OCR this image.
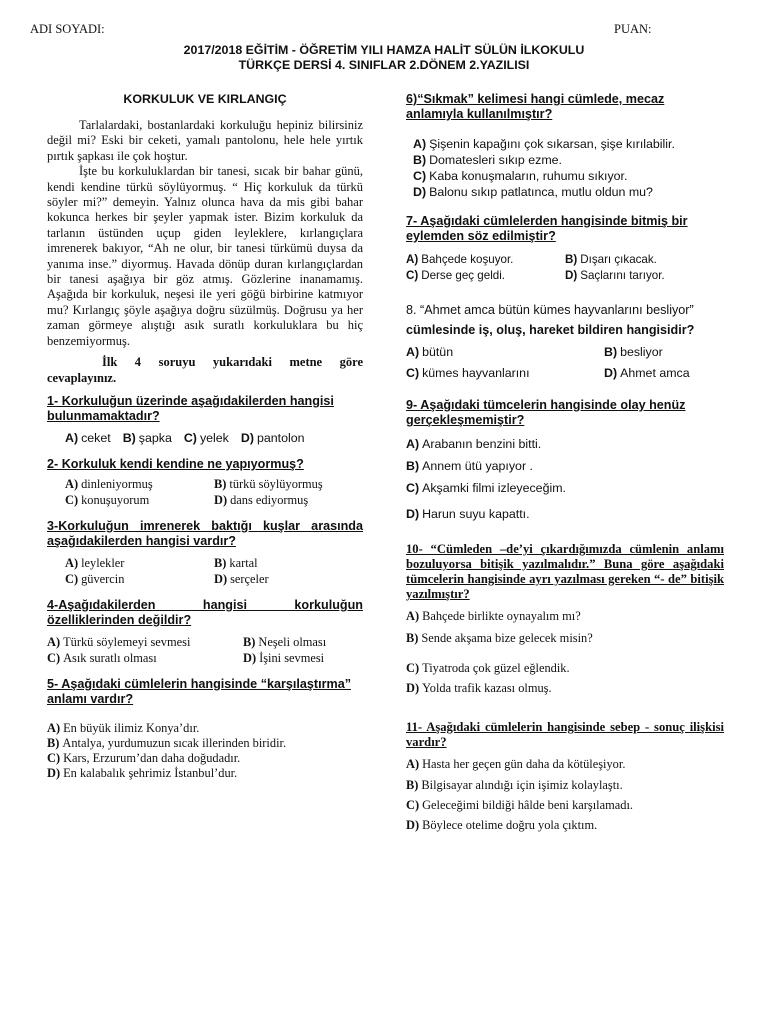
ADI SOYADI:	PUAN:
2017/2018 EĞİTİM - ÖĞRETİM YILI HAMZA HALİT SÜLÜN İLKOKULU
TÜRKÇE DERSİ 4. SINIFLAR 2.DÖNEM 2.YAZILISI
KORKULUK VE KIRLANGIÇ

Tarlalardaki, bostanlardaki korkuluğu hepiniz bilirsiniz değil mi? Eski bir ceketi, yamalı pantolonu, hele hele yırtık pırtık şapkası ile çok hoştur.

İşte bu korkuluklardan bir tanesi, sıcak bir bahar günü, kendi kendine türkü söylüyormuş. “ Hiç korkuluk da türkü söyler mi?” demeyin. Yalnız olunca hava da mis gibi bahar kokunca herkes bir şeyler yapmak ister. Bizim korkuluk da tarlanın üstünden uçup giden leyleklere, kırlangıçlara imrenerek bakıyor, “Ah ne olur, bir tanesi türkümü duysa da yanıma inse.” diyormuş. Havada dönüp duran kırlangıçlardan bir tanesi aşağıya bir göz atmış. Gözlerine inanamamış. Aşağıda bir korkuluk, neşesi ile yeri göğü birbirine katmıyor mu? Kırlangıç şöyle aşağıya doğru süzülmüş. Doğrusu ya her zaman görmeye alıştığı asık suratlı korkuluklara bu hiç benzemiyormuş.

İlk 4 soruyu yukarıdaki metne göre cevaplayınız.
1- Korkuluğun üzerinde aşağıdakilerden hangisi bulunmamaktadır?
A) ceket B) şapka C) yelek D) pantolon
2- Korkuluk kendi kendine ne yapıyormuş?
A) dinleniyormuş	B) türkü söylüyormuş
C) konuşuyorum	D) dans ediyormuş
3-Korkuluğun imrenerek baktığı kuşlar arasında aşağıdakilerden hangisi vardır?
A) leylekler	B) kartal
C) güvercin	D) serçeler
4-Aşağıdakilerden hangisi korkuluğun özelliklerinden değildir?
A) Türkü söylemeyi sevmesi	B) Neşeli olması
C) Asık suratlı olması	D) İşini sevmesi
5- Aşağıdaki cümlelerin hangisinde “karşılaştırma” anlamı vardır?
A) En büyük ilimiz Konya’dır.
B) Antalya, yurdumuzun sıcak illerinden biridir.
C) Kars, Erzurum’dan daha doğudadır.
D) En kalabalık şehrimiz İstanbul’dur.
6)“Sıkmak” kelimesi hangi cümlede, mecaz anlamıyla kullanılmıştır?
A) Şişenin kapağını çok sıkarsan, şişe kırılabilir.
B) Domatesleri sıkıp ezme.
C) Kaba konuşmaların, ruhumu sıkıyor.
D) Balonu sıkıp patlatınca, mutlu oldun mu?
7- Aşağıdaki cümlelerden hangisinde bitmiş bir eylemden söz edilmiştir?
A) Bahçede koşuyor.	B) Dışarı çıkacak.
C) Derse geç geldi.	D) Saçlarını tarıyor.
8. “Ahmet amca bütün kümes hayvanlarını besliyor” cümlesinde iş, oluş, hareket bildiren hangisidir?
A) bütün	B) besliyor
C) kümes hayvanlarını	D) Ahmet amca
9- Aşağıdaki tümcelerin hangisinde olay henüz gerçekleşmemiştir?
A) Arabanın benzini bitti.
B) Annem ütü yapıyor .
C) Akşamki filmi izleyeceğim.
D) Harun suyu kapattı.
10- “Cümleden –de’yi çıkardığımızda cümlenin anlamı bozuluyorsa bitişik yazılmalıdır.” Buna göre aşağıdaki tümcelerin hangisinde ayrı yazılması gereken “- de” bitişik yazılmıştır?
A) Bahçede birlikte oynayalım mı?
B) Sende akşama bize gelecek misin?
C) Tiyatroda çok güzel eğlendik.
D) Yolda trafik kazası olmuş.
11- Aşağıdaki cümlelerin hangisinde sebep - sonuç ilişkisi vardır?
A) Hasta her geçen gün daha da kötüleşiyor.
B) Bilgisayar alındığı için işimiz kolaylaştı.
C) Geleceğimi bildiği hâlde beni karşılamadı.
D) Böylece otelime doğru yola çıktım.
